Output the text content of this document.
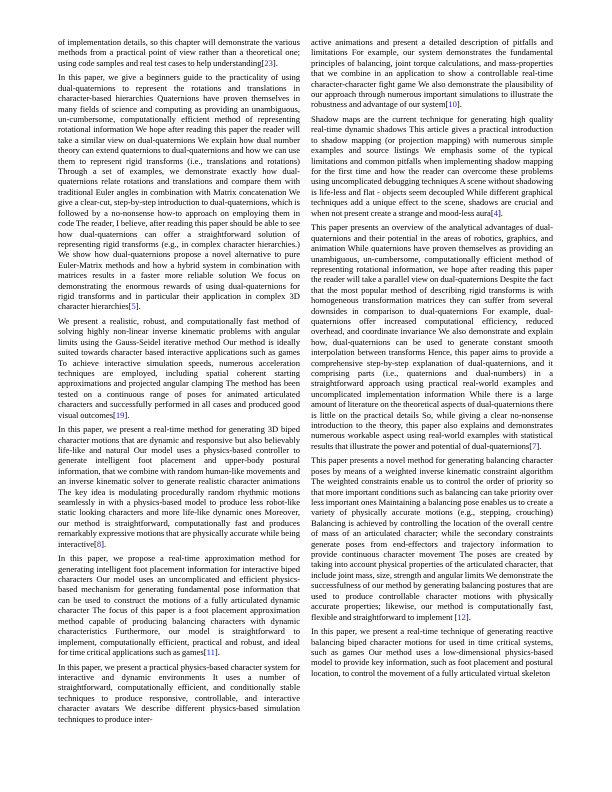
of implementation details, so this chapter will demonstrate the various methods from a practical point of view rather than a theoretical one; using code samples and real test cases to help understanding[23].

In this paper, we give a beginners guide to the practicality of using dual-quaternions to represent the rotations and translations in character-based hierarchies Quaternions have proven themselves in many fields of science and computing as providing an unambiguous, un-cumbersome, computationally efficient method of representing rotational information We hope after reading this paper the reader will take a similar view on dual-quaternions We explain how dual number theory can extend quaternions to dual-quaternions and how we can use them to represent rigid transforms (i.e., translations and rotations) Through a set of examples, we demonstrate exactly how dual-quaternions relate rotations and translations and compare them with traditional Euler angles in combination with Matrix concatenation We give a clear-cut, step-by-step introduction to dual-quaternions, which is followed by a no-nonsense how-to approach on employing them in code The reader, I believe, after reading this paper should be able to see how dual-quaternions can offer a straightforward solution of representing rigid transforms (e.g., in complex character hierarchies.) We show how dual-quaternions propose a novel alternative to pure Euler-Matrix methods and how a hybrid system in combination with matrices results in a faster more reliable solution We focus on demonstrating the enormous rewards of using dual-quaternions for rigid transforms and in particular their application in complex 3D character hierarchies[5].

We present a realistic, robust, and computationally fast method of solving highly non-linear inverse kinematic problems with angular limits using the Gauss-Seidel iterative method Our method is ideally suited towards character based interactive applications such as games To achieve interactive simulation speeds, numerous acceleration techniques are employed, including spatial coherent starting approximations and projected angular clamping The method has been tested on a continuous range of poses for animated articulated characters and successfully performed in all cases and produced good visual outcomes[19].

In this paper, we present a real-time method for generating 3D biped character motions that are dynamic and responsive but also believably life-like and natural Our model uses a physics-based controller to generate intelligent foot placement and upper-body postural information, that we combine with random human-like movements and an inverse kinematic solver to generate realistic character animations The key idea is modulating procedurally random rhythmic motions seamlessly in with a physics-based model to produce less robot-like static looking characters and more life-like dynamic ones Moreover, our method is straightforward, computationally fast and produces remarkably expressive motions that are physically accurate while being interactive[8].

In this paper, we propose a real-time approximation method for generating intelligent foot placement information for interactive biped characters Our model uses an uncomplicated and efficient physics-based mechanism for generating fundamental pose information that can be used to construct the motions of a fully articulated dynamic character The focus of this paper is a foot placement approximation method capable of producing balancing characters with dynamic characteristics Furthermore, our model is straightforward to implement, computationally efficient, practical and robust, and ideal for time critical applications such as games[11].

In this paper, we present a practical physics-based character system for interactive and dynamic environments It uses a number of straightforward, computationally efficient, and conditionally stable techniques to produce responsive, controllable, and interactive character avatars We describe different physics-based simulation techniques to produce inter-

active animations and present a detailed description of pitfalls and limitations For example, our system demonstrates the fundamental principles of balancing, joint torque calculations, and mass-properties that we combine in an application to show a controllable real-time character-character fight game We also demonstrate the plausibility of our approach through numerous important simulations to illustrate the robustness and advantage of our system[10].

Shadow maps are the current technique for generating high quality real-time dynamic shadows This article gives a practical introduction to shadow mapping (or projection mapping) with numerous simple examples and source listings We emphasis some of the typical limitations and common pitfalls when implementing shadow mapping for the first time and how the reader can overcome these problems using uncomplicated debugging techniques A scene without shadowing is life-less and flat - objects seem decoupled While different graphical techniques add a unique effect to the scene, shadows are crucial and when not present create a strange and mood-less aura[4].

This paper presents an overview of the analytical advantages of dual-quaternions and their potential in the areas of robotics, graphics, and animation While quaternions have proven themselves as providing an unambiguous, un-cumbersome, computationally efficient method of representing rotational information, we hope after reading this paper the reader will take a parallel view on dual-quaternions Despite the fact that the most popular method of describing rigid transforms is with homogeneous transformation matrices they can suffer from several downsides in comparison to dual-quaternions For example, dual-quaternions offer increased computational efficiency, reduced overhead, and coordinate invariance We also demonstrate and explain how, dual-quaternions can be used to generate constant smooth interpolation between transforms Hence, this paper aims to provide a comprehensive step-by-step explanation of dual-quaternions, and it comprising parts (i.e., quaternions and dual-numbers) in a straightforward approach using practical real-world examples and uncomplicated implementation information While there is a large amount of literature on the theoretical aspects of dual-quaternions there is little on the practical details So, while giving a clear no-nonsense introduction to the theory, this paper also explains and demonstrates numerous workable aspect using real-world examples with statistical results that illustrate the power and potential of dual-quaternions[7].

This paper presents a novel method for generating balancing character poses by means of a weighted inverse kinematic constraint algorithm The weighted constraints enable us to control the order of priority so that more important conditions such as balancing can take priority over less important ones Maintaining a balancing pose enables us to create a variety of physically accurate motions (e.g., stepping, crouching) Balancing is achieved by controlling the location of the overall centre of mass of an articulated character; while the secondary constraints generate poses from end-effectors and trajectory information to provide continuous character movement The poses are created by taking into account physical properties of the articulated character, that include joint mass, size, strength and angular limits We demonstrate the successfulness of our method by generating balancing postures that are used to produce controllable character motions with physically accurate properties; likewise, our method is computationally fast, flexible and straightforward to implement [12].

In this paper, we present a real-time technique of generating reactive balancing biped character motions for used in time critical systems, such as games Our method uses a low-dimensional physics-based model to provide key information, such as foot placement and postural location, to control the movement of a fully articulated virtual skeleton
